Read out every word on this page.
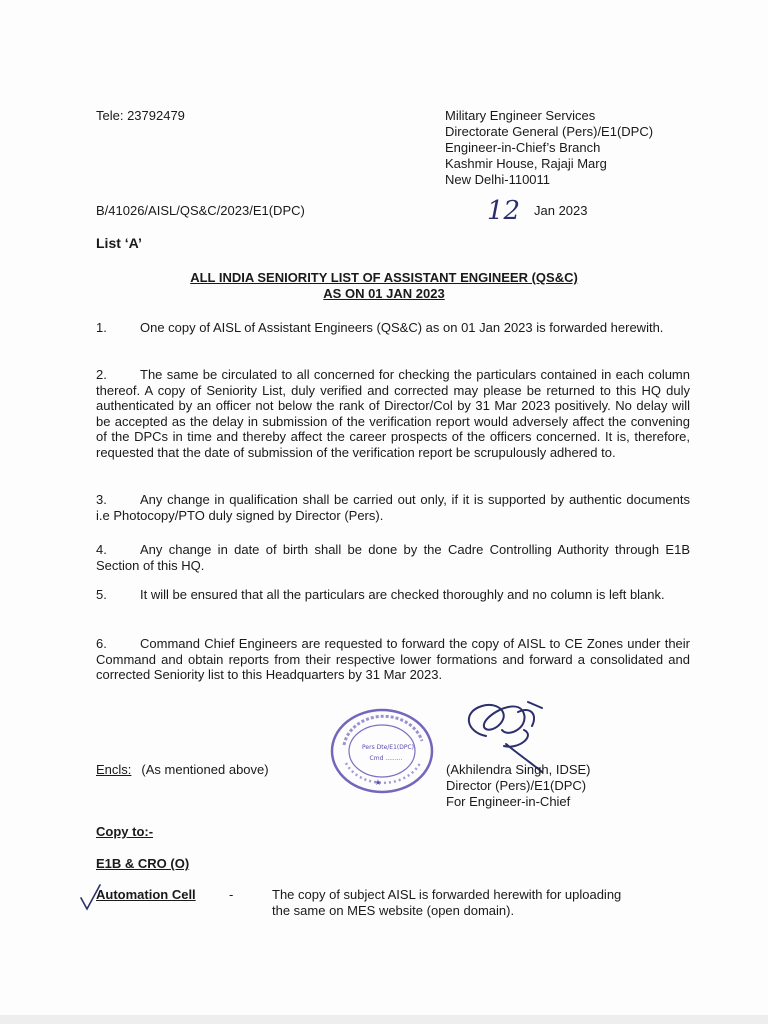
Tele: 23792479	Military Engineer Services
Directorate General (Pers)/E1(DPC)
Engineer-in-Chief’s Branch
Kashmir House, Rajaji Marg
New Delhi-110011
B/41026/AISL/QS&C/2023/E1(DPC)	12 Jan 2023
List ‘A’
ALL INDIA SENIORITY LIST OF ASSISTANT ENGINEER (QS&C)
AS ON 01 JAN 2023
1.	One copy of AISL of Assistant Engineers (QS&C) as on 01 Jan 2023 is forwarded herewith.
2.	The same be circulated to all concerned for checking the particulars contained in each column thereof. A copy of Seniority List, duly verified and corrected may please be returned to this HQ duly authenticated by an officer not below the rank of Director/Col by 31 Mar 2023 positively. No delay will be accepted as the delay in submission of the verification report would adversely affect the convening of the DPCs in time and thereby affect the career prospects of the officers concerned. It is, therefore, requested that the date of submission of the verification report be scrupulously adhered to.
3.	Any change in qualification shall be carried out only, if it is supported by authentic documents i.e Photocopy/PTO duly signed by Director (Pers).
4.	Any change in date of birth shall be done by the Cadre Controlling Authority through E1B Section of this HQ.
5.	It will be ensured that all the particulars are checked thoroughly and no column is left blank.
6.	Command Chief Engineers are requested to forward the copy of AISL to CE Zones under their Command and obtain reports from their respective lower formations and forward a consolidated and corrected Seniority list to this Headquarters by 31 Mar 2023.
Encls: (As mentioned above)
Pers Dte/E1(DPC)
Cmd .........
★
(Akhilendra Singh, IDSE)
Director (Pers)/E1(DPC)
For Engineer-in-Chief
Copy to:-
E1B & CRO (O)
Automation Cell	-	The copy of subject AISL is forwarded herewith for uploading the same on MES website (open domain).
